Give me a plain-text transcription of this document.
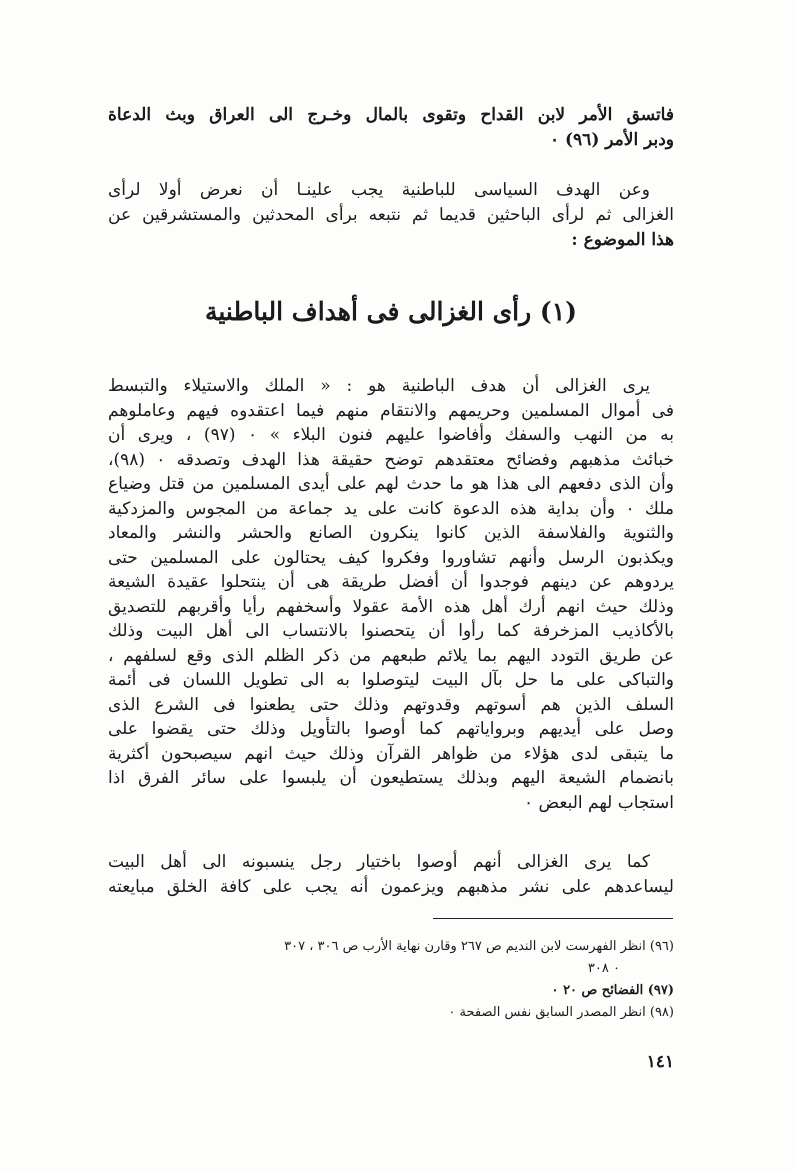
فاتسق الأمر لابن القداح وتقوى بالمال وخـرج الى العراق وبث الدعاة
ودبر الأمر (٩٦) ٠
وعن الهدف السياسى للباطنية يجب علينـا أن نعرض أولا لرأى
الغزالى ثم لرأى الباحثين قديما ثم نتبعه برأى المحدثين والمستشرقين عن
هذا الموضوع :
(١) رأى الغزالى فى أهداف الباطنية
يرى الغزالى أن هدف الباطنية هو : « الملك والاستيلاء والتبسط
فى أموال المسلمين وحريمهم والانتقام منهم فيما اعتقدوه فيهم وعاملوهم
به من النهب والسفك وأفاضوا عليهم فنون البلاء » ٠ (٩٧) ، ويرى أن
خبائث مذهبهم وفضائح معتقدهم توضح حقيقة هذا الهدف وتصدقه ٠ (٩٨)،
وأن الذى دفعهم الى هذا هو ما حدث لهم على أيدى المسلمين من قتل وضياع
ملك ٠ وأن بداية هذه الدعوة كانت على يد جماعة من المجوس والمزدكية
والثنوية والفلاسفة الذين كانوا ينكرون الصانع والحشر والنشر والمعاد
ويكذبون الرسل وأنهم تشاوروا وفكروا كيف يحتالون على المسلمين حتى
يردوهم عن دينهم فوجدوا أن أفضل طريقة هى أن ينتحلوا عقيدة الشيعة
وذلك حيث انهم أرك أهل هذه الأمة عقولا وأسخفهم رأيا وأقربهم للتصديق
بالأكاذيب المزخرفة كما رأوا أن يتحصنوا بالانتساب الى أهل البيت وذلك
عن طريق التودد اليهم بما يلائم طبعهم من ذكر الظلم الذى وقع لسلفهم ،
والتباكى على ما حل بآل البيت ليتوصلوا به الى تطويل اللسان فى أئمة
السلف الذين هم أسوتهم وقدوتهم وذلك حتى يطعنوا فى الشرع الذى
وصل على أيديهم وبرواياتهم كما أوصوا بالتأويل وذلك حتى يقضوا على
ما يتبقى لدى هؤلاء من ظواهر القرآن وذلك حيث انهم سيصبحون أكثرية
بانضمام الشيعة اليهم وبذلك يستطيعون أن يلبسوا على سائر الفرق اذا
استجاب لهم البعض ٠
كما يرى الغزالى أنهم أوصوا باختيار رجل ينسبونه الى أهل البيت
ليساعدهم على نشر مذهبهم ويزعمون أنه يجب على كافة الخلق مبايعته
(٩٦) انظر الفهرست لابن النديم ص ٢٦٧ وقارن نهاية الأرب ص ٣٠٦ ، ٣٠٧
٠ ٣٠٨
(٩٧) الفضائح ص ٢٠ ٠
(٩٨) انظر المصدر السابق نفس الصفحة ٠
١٤١
